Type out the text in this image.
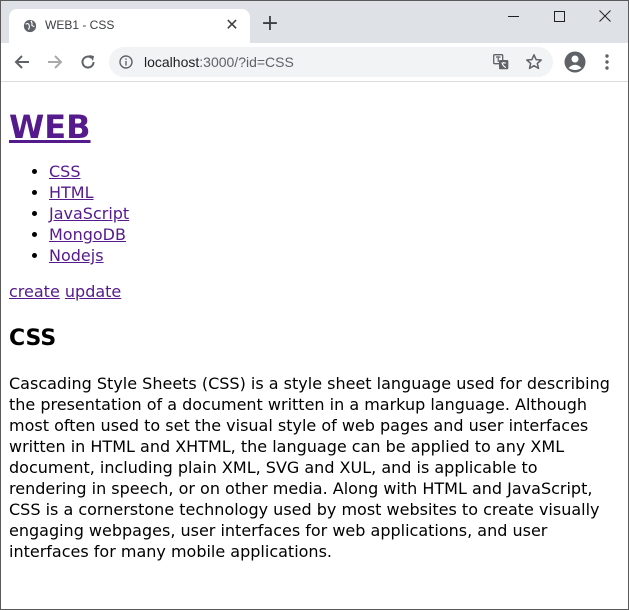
WEB1 - CSS	✕ +
localhost:3000/?id=CSS
WEB
• CSS
• HTML
• JavaScript
• MongoDB
• Nodejs
create update
CSS

Cascading Style Sheets (CSS) is a style sheet language used for describing the presentation of a document written in a markup language. Although most often used to set the visual style of web pages and user interfaces written in HTML and XHTML, the language can be applied to any XML document, including plain XML, SVG and XUL, and is applicable to rendering in speech, or on other media. Along with HTML and JavaScript, CSS is a cornerstone technology used by most websites to create visually engaging webpages, user interfaces for web applications, and user interfaces for many mobile applications.
